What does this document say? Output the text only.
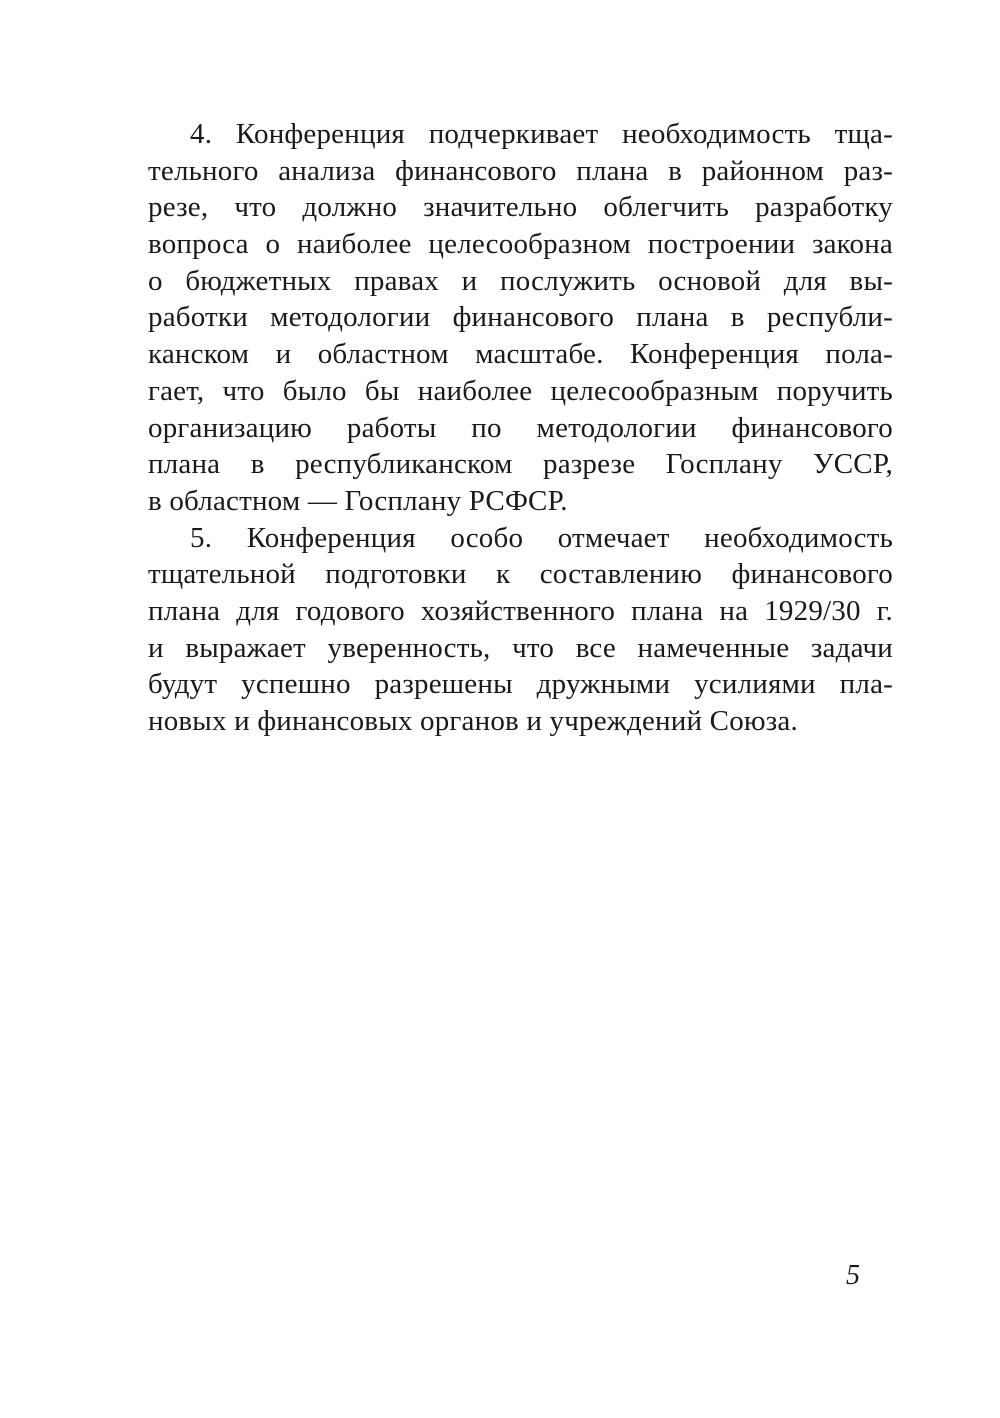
4. Конференция подчеркивает необходимость тща-
тельного анализа финансового плана в районном раз-
резе, что должно значительно облегчить разработку
вопроса о наиболее целесообразном построении закона
о бюджетных правах и послужить основой для вы-
работки методологии финансового плана в республи-
канском и областном масштабе. Конференция пола-
гает, что было бы наиболее целесообразным поручить
организацию работы по методологии финансового
плана в республиканском разрезе Госплану УССР,
в областном — Госплану РСФСР.
5. Конференция особо отмечает необходимость
тщательной подготовки к составлению финансового
плана для годового хозяйственного плана на 1929/30 г.
и выражает уверенность, что все намеченные задачи
будут успешно разрешены дружными усилиями пла-
новых и финансовых органов и учреждений Союза.
5
